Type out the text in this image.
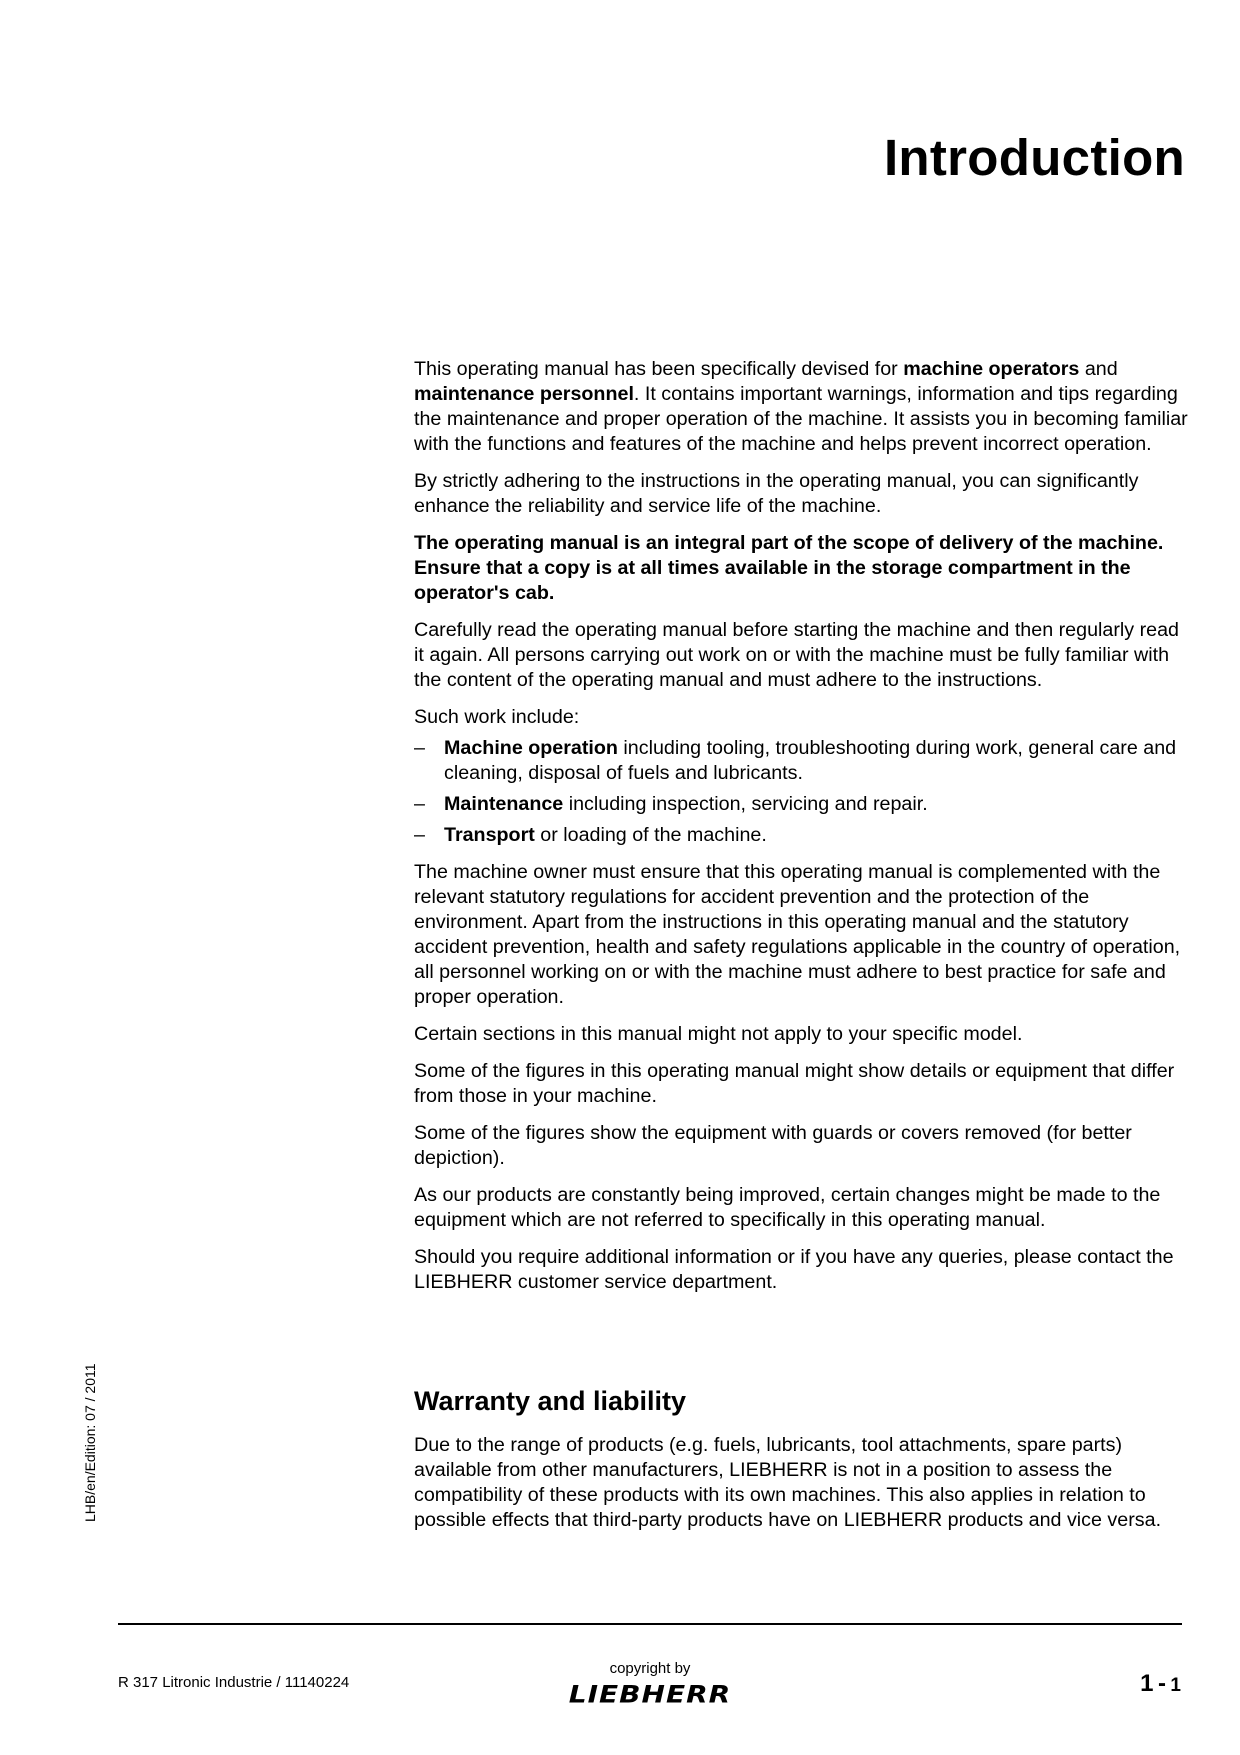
Introduction

This operating manual has been specifically devised for machine operators and maintenance personnel. It contains important warnings, information and tips regarding the maintenance and proper operation of the machine. It assists you in becoming familiar with the functions and features of the machine and helps prevent incorrect operation.

By strictly adhering to the instructions in the operating manual, you can significantly enhance the reliability and service life of the machine.

The operating manual is an integral part of the scope of delivery of the machine. Ensure that a copy is at all times available in the storage compartment in the operator's cab.

Carefully read the operating manual before starting the machine and then regularly read it again. All persons carrying out work on or with the machine must be fully familiar with the content of the operating manual and must adhere to the instructions.

Such work include:

– Machine operation including tooling, troubleshooting during work, general care and cleaning, disposal of fuels and lubricants.
– Maintenance including inspection, servicing and repair.
– Transport or loading of the machine.

The machine owner must ensure that this operating manual is complemented with the relevant statutory regulations for accident prevention and the protection of the environment. Apart from the instructions in this operating manual and the statutory accident prevention, health and safety regulations applicable in the country of operation, all personnel working on or with the machine must adhere to best practice for safe and proper operation.

Certain sections in this manual might not apply to your specific model.

Some of the figures in this operating manual might show details or equipment that differ from those in your machine.

Some of the figures show the equipment with guards or covers removed (for better depiction).

As our products are constantly being improved, certain changes might be made to the equipment which are not referred to specifically in this operating manual.

Should you require additional information or if you have any queries, please contact the LIEBHERR customer service department.

Warranty and liability

Due to the range of products (e.g. fuels, lubricants, tool attachments, spare parts) available from other manufacturers, LIEBHERR is not in a position to assess the compatibility of these products with its own machines. This also applies in relation to possible effects that third-party products have on LIEBHERR products and vice versa.

LHB/en/Edition: 07 / 2011
R 317 Litronic Industrie / 11140224
copyright by
LIEBHERR	1 - 1
